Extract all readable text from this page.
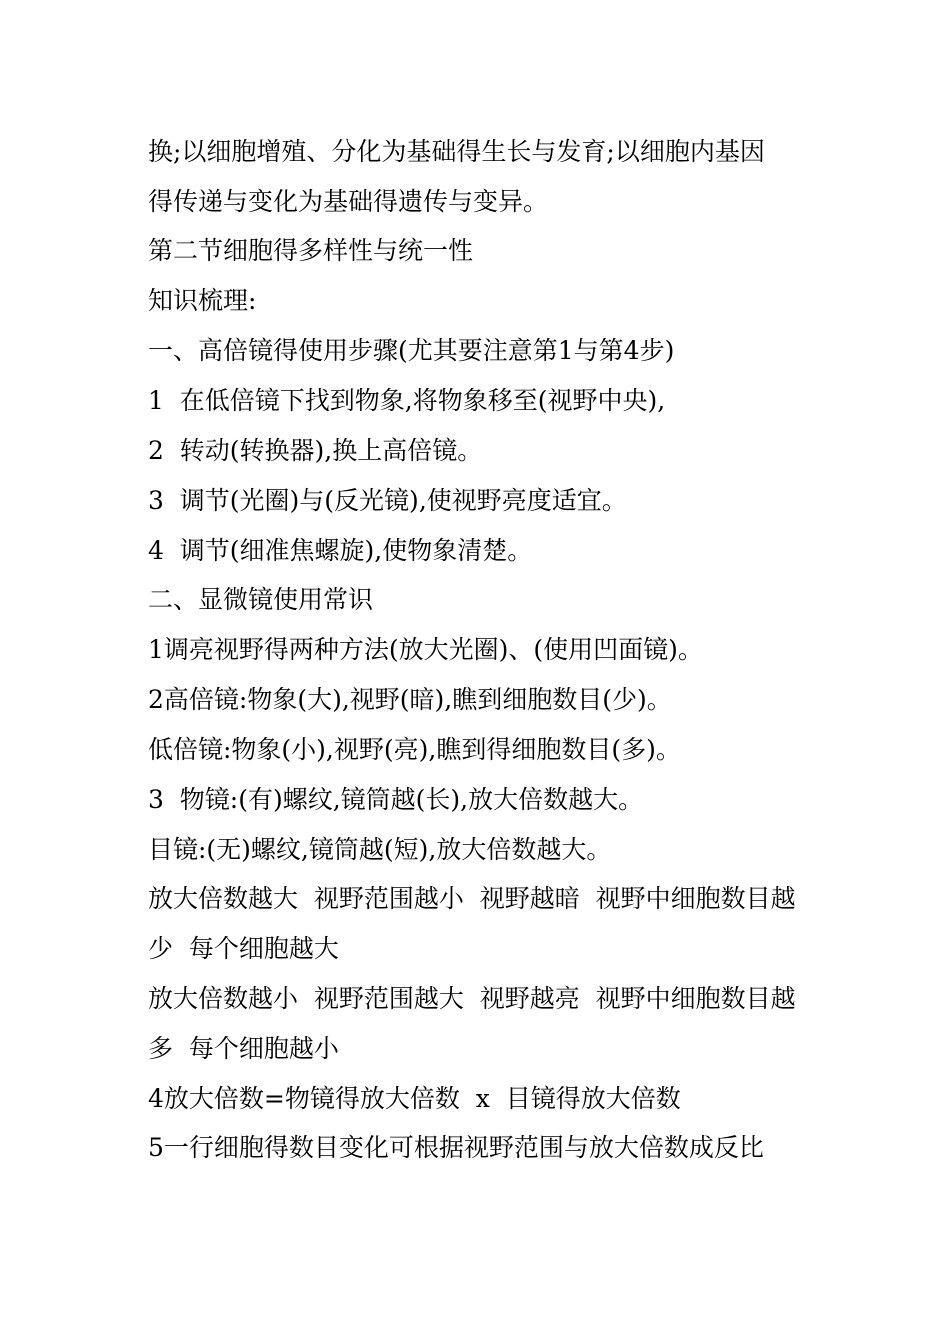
换;以细胞增殖、分化为基础得生长与发育;以细胞内基因
得传递与变化为基础得遗传与变异。
第二节细胞得多样性与统一性
知识梳理:
一、高倍镜得使用步骤(尤其要注意第1与第4步)
1  在低倍镜下找到物象,将物象移至(视野中央),
2  转动(转换器),换上高倍镜。
3  调节(光圈)与(反光镜),使视野亮度适宜。
4  调节(细准焦螺旋),使物象清楚。
二、显微镜使用常识
1调亮视野得两种方法(放大光圈)、(使用凹面镜)。
2高倍镜:物象(大),视野(暗),瞧到细胞数目(少)。
低倍镜:物象(小),视野(亮),瞧到得细胞数目(多)。
3  物镜:(有)螺纹,镜筒越(长),放大倍数越大。
目镜:(无)螺纹,镜筒越(短),放大倍数越大。
放大倍数越大  视野范围越小  视野越暗  视野中细胞数目越
少  每个细胞越大
放大倍数越小  视野范围越大  视野越亮  视野中细胞数目越
多  每个细胞越小
4放大倍数=物镜得放大倍数  x  目镜得放大倍数
5一行细胞得数目变化可根据视野范围与放大倍数成反比
